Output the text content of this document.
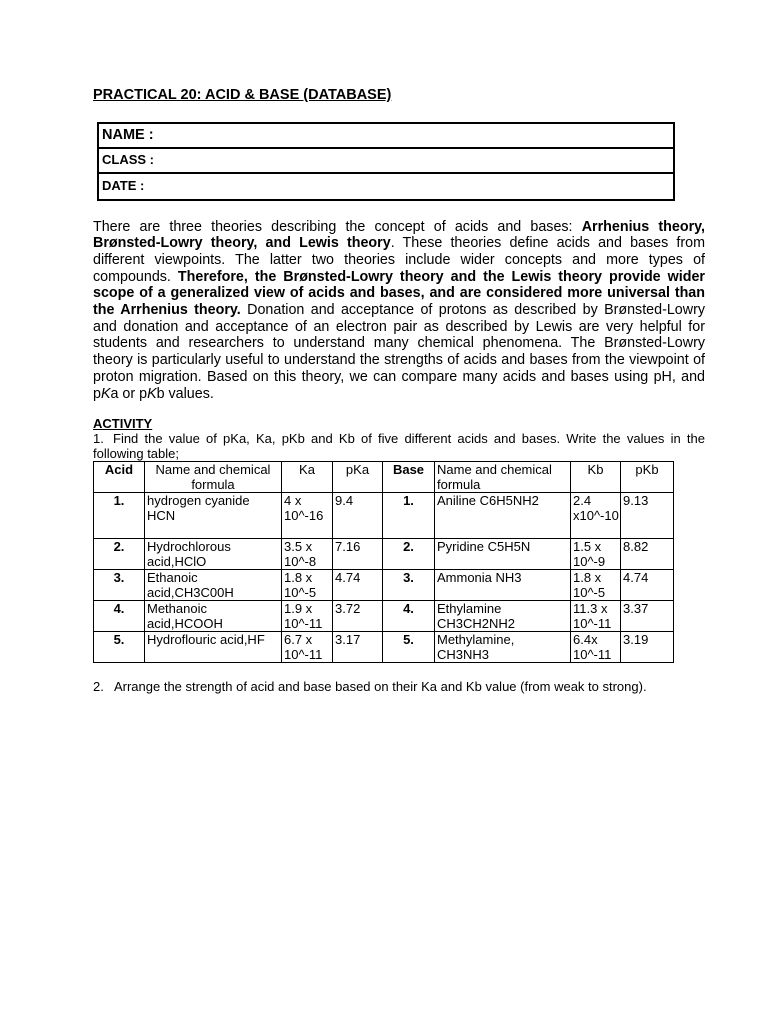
PRACTICAL 20: ACID & BASE (DATABASE)

NAME :
CLASS :
DATE :
There are three theories describing the concept of acids and bases: Arrhenius theory, Brønsted-Lowry theory, and Lewis theory. These theories define acids and bases from different viewpoints. The latter two theories include wider concepts and more types of compounds. Therefore, the Brønsted-Lowry theory and the Lewis theory provide wider scope of a generalized view of acids and bases, and are considered more universal than the Arrhenius theory. Donation and acceptance of protons as described by Brønsted-Lowry and donation and acceptance of an electron pair as described by Lewis are very helpful for students and researchers to understand many chemical phenomena. The Brønsted-Lowry theory is particularly useful to understand the strengths of acids and bases from the viewpoint of proton migration. Based on this theory, we can compare many acids and bases using pH, and pKa or pKb values.
ACTIVITY
1. Find the value of pKa, Ka, pKb and Kb of five different acids and bases. Write the values in the following table;
Acid	Name and chemical formula	Ka	pKa	Base	Name and chemical formula	Kb	pKb
1.	hydrogen cyanide HCN	4 x 10^-16	9.4	1.	Aniline C6H5NH2	2.4 x10^-10	9.13
2.	Hydrochlorous acid,HClO	3.5 x 10^-8	7.16	2.	Pyridine C5H5N	1.5 x 10^-9	8.82
3.	Ethanoic acid,CH3C00H	1.8 x 10^-5	4.74	3.	Ammonia NH3	1.8 x 10^-5	4.74
4.	Methanoic acid,HCOOH	1.9 x 10^-11	3.72	4.	Ethylamine CH3CH2NH2	11.3 x 10^-11	3.37
5.	Hydroflouric acid,HF	6.7 x 10^-11	3.17	5.	Methylamine, CH3NH3	6.4x 10^-11	3.19
2. Arrange the strength of acid and base based on their Ka and Kb value (from weak to strong).
